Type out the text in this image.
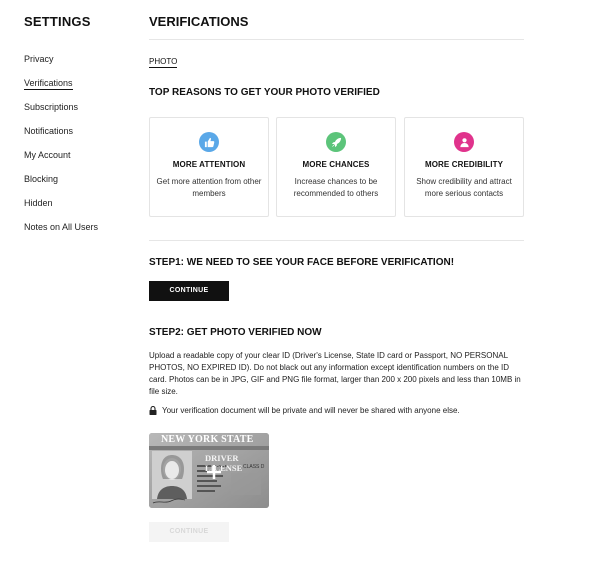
SETTINGS
Privacy
Verifications
Subscriptions
Notifications
My Account
Blocking
Hidden
Notes on All Users
VERIFICATIONS
PHOTO
TOP REASONS TO GET YOUR PHOTO VERIFIED
MORE ATTENTION
Get more attention from other members
MORE CHANCES
Increase chances to be recommended to others
MORE CREDIBILITY
Show credibility and attract more serious contacts
STEP1: WE NEED TO SEE YOUR FACE BEFORE VERIFICATION!
CONTINUE
STEP2: GET PHOTO VERIFIED NOW
Upload a readable copy of your clear ID (Driver's License, State ID card or Passport, NO PERSONAL PHOTOS, NO EXPIRED ID). Do not black out any information except identification numbers on the ID card. Photos can be in JPG, GIF and PNG file format, larger than 200 x 200 pixels and less than 10MB in file size.
Your verification document will be private and will never be shared with anyone else.
NEW YORK STATE
DRIVER LICENSE CLASS D
CONTINUE
